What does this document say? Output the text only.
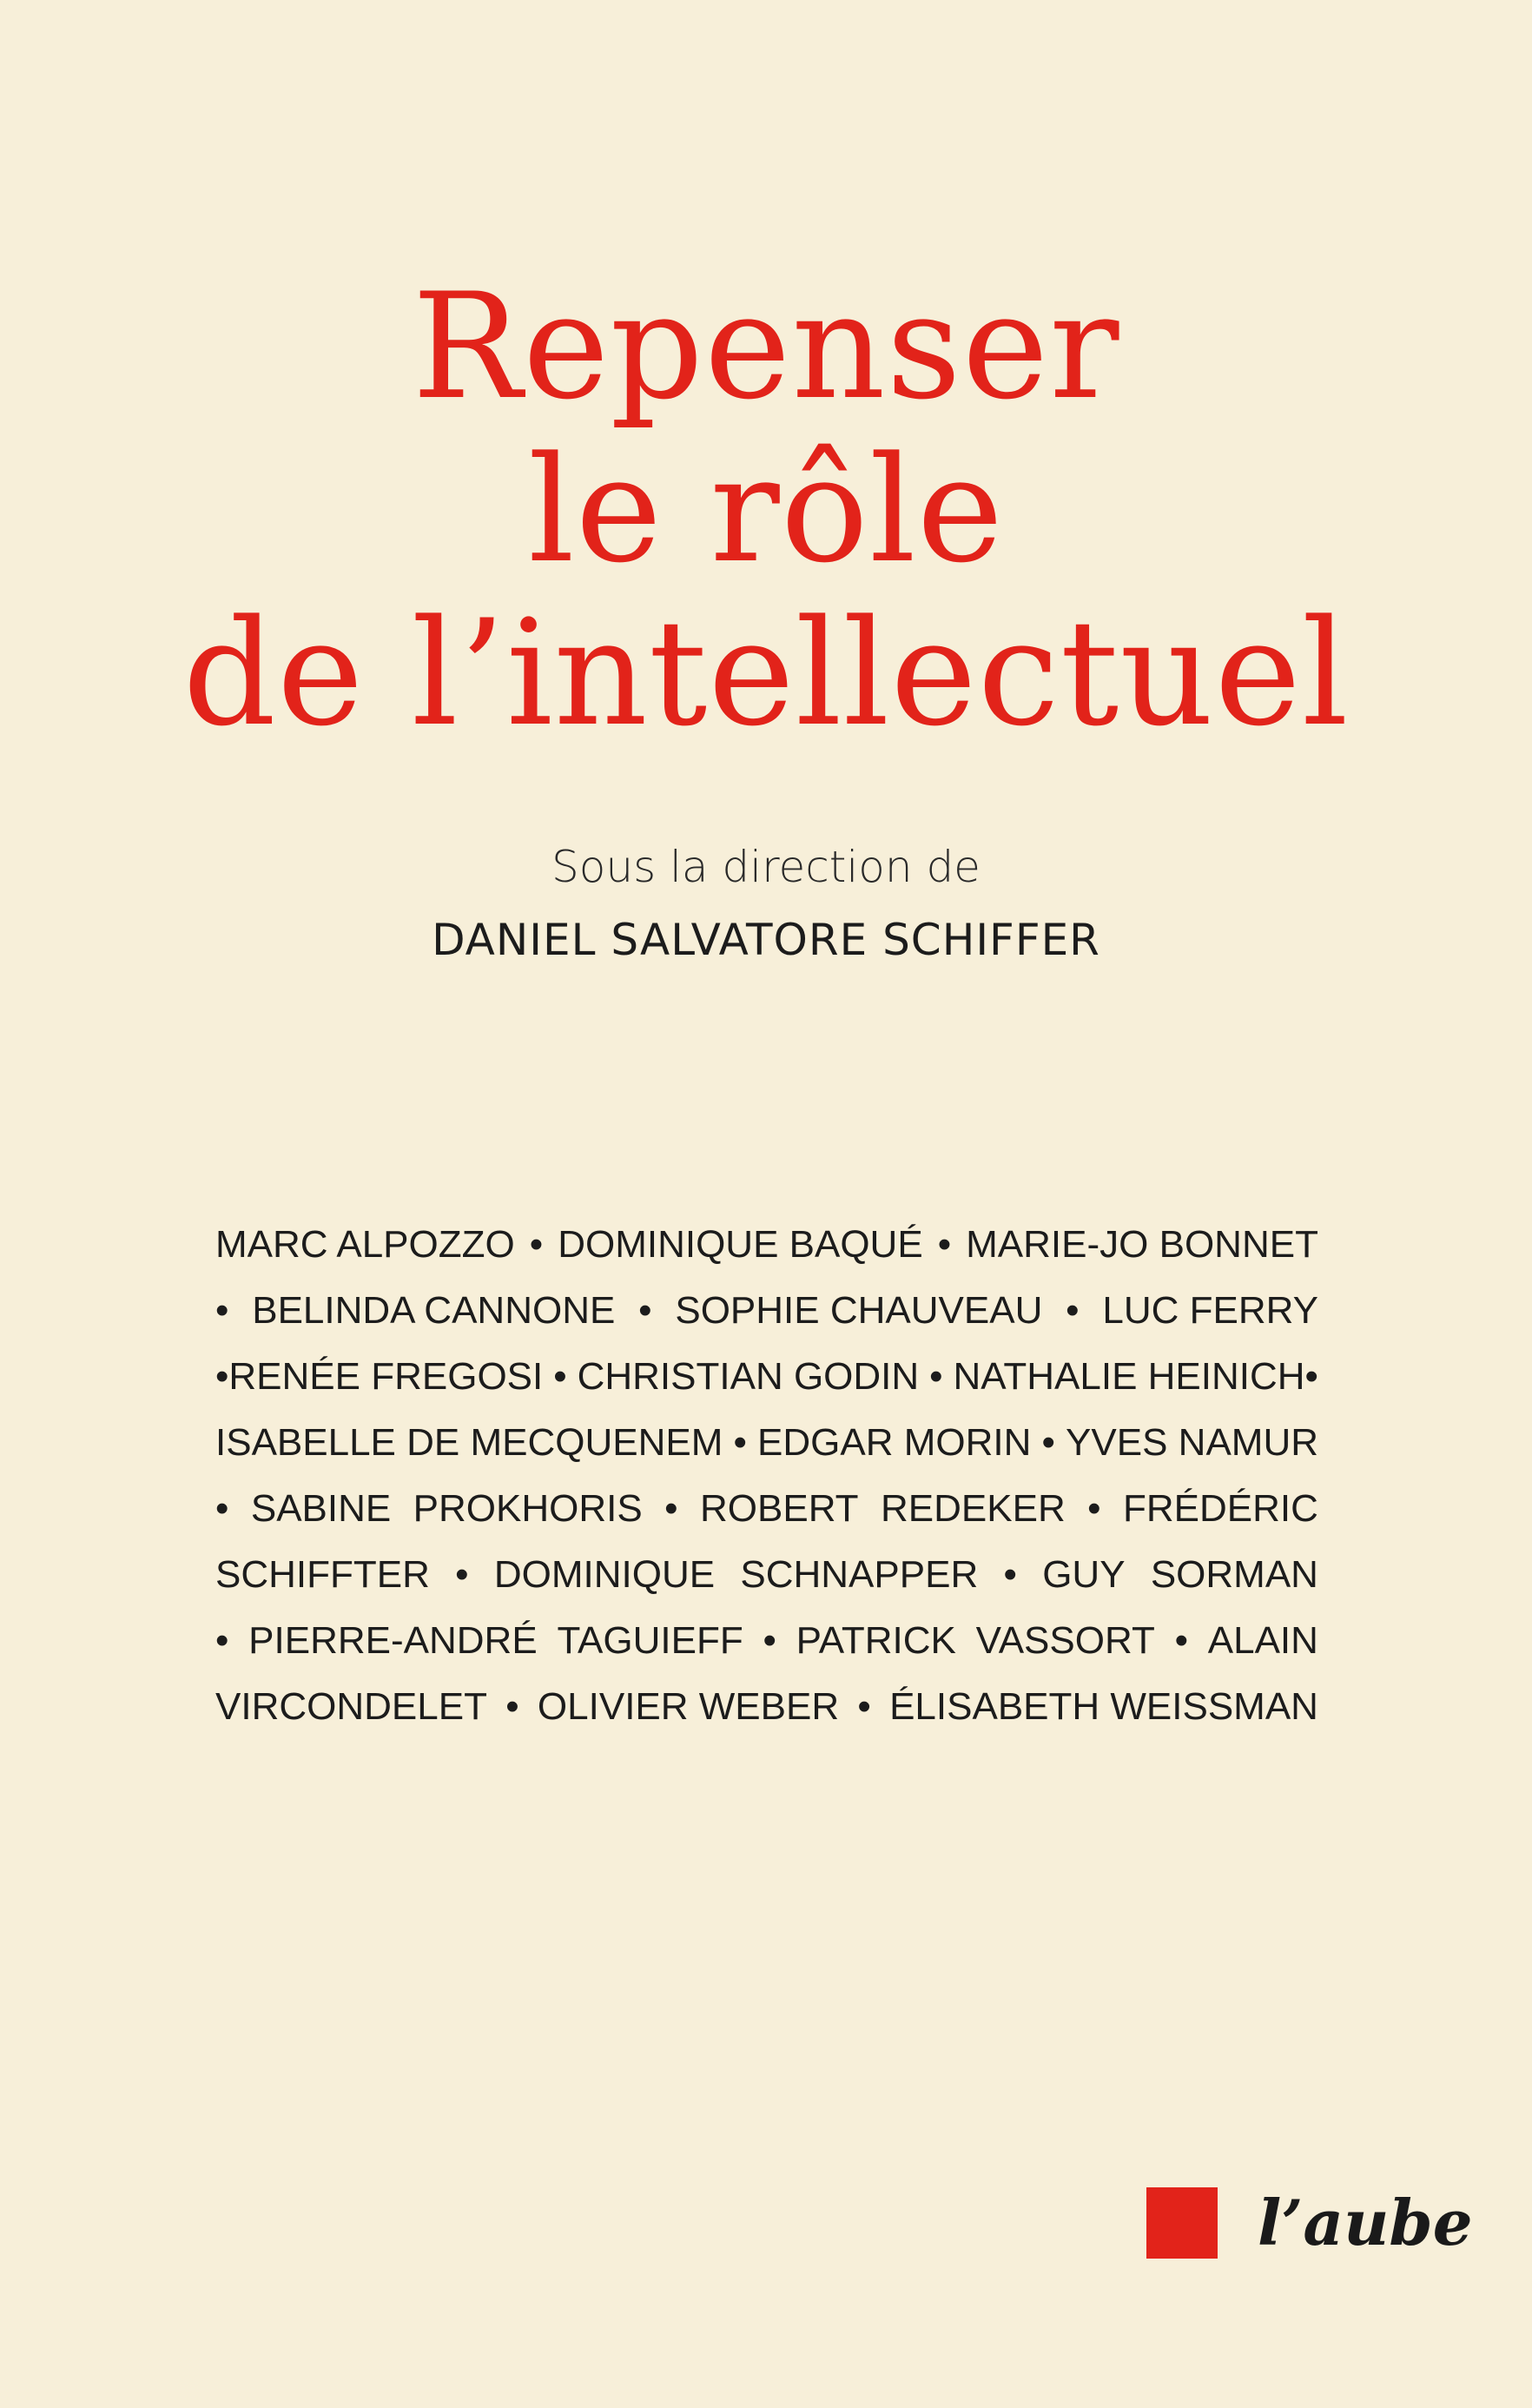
Repenser
le rôle
de l’intellectuel
Sous la direction de
DANIEL SALVATORE SCHIFFER
MARC ALPOZZO • DOMINIQUE BAQUÉ • MARIE-JO BONNET
• BELINDA CANNONE • SOPHIE CHAUVEAU • LUC FERRY
•RENÉE FREGOSI • CHRISTIAN GODIN • NATHALIE HEINICH•
ISABELLE DE MECQUENEM • EDGAR MORIN • YVES NAMUR
• SABINE PROKHORIS • ROBERT REDEKER • FRÉDÉRIC
SCHIFFTER • DOMINIQUE SCHNAPPER • GUY SORMAN
• PIERRE-ANDRÉ TAGUIEFF • PATRICK VASSORT • ALAIN
VIRCONDELET • OLIVIER WEBER • ÉLISABETH WEISSMAN
l’aube
